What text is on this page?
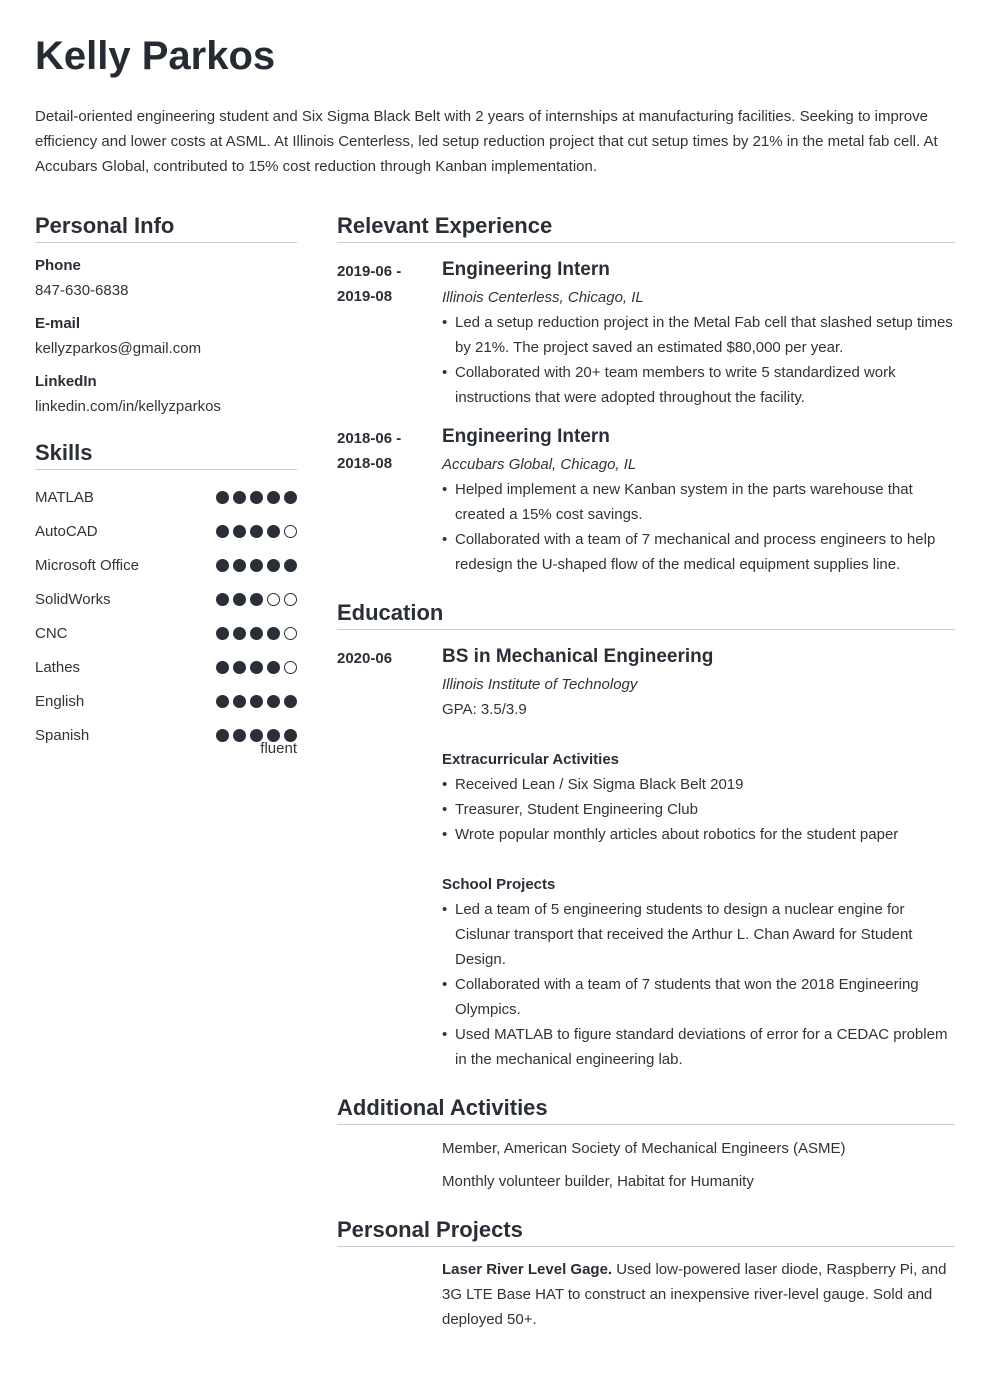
Kelly Parkos

Detail-oriented engineering student and Six Sigma Black Belt with 2 years of internships at manufacturing facilities. Seeking to improve efficiency and lower costs at ASML. At Illinois Centerless, led setup reduction project that cut setup times by 21% in the metal fab cell. At Accubars Global, contributed to 15% cost reduction through Kanban implementation.

Personal Info
Phone
847-630-6838
E-mail
kellyzparkos@gmail.com
LinkedIn
linkedin.com/in/kellyzparkos
Skills
MATLAB
AutoCAD
Microsoft Office
SolidWorks
CNC
Lathes
English
Spanish
fluent
Relevant Experience
2019-06 -
2019-08
Engineering Intern
Illinois Centerless, Chicago, IL
• Led a setup reduction project in the Metal Fab cell that slashed setup times by 21%. The project saved an estimated $80,000 per year.
• Collaborated with 20+ team members to write 5 standardized work instructions that were adopted throughout the facility.
2018-06 -
2018-08
Engineering Intern
Accubars Global, Chicago, IL
• Helped implement a new Kanban system in the parts warehouse that created a 15% cost savings.
• Collaborated with a team of 7 mechanical and process engineers to help redesign the U-shaped flow of the medical equipment supplies line.
Education
2020-06	BS in Mechanical Engineering
Illinois Institute of Technology
GPA: 3.5/3.9
Extracurricular Activities
• Received Lean / Six Sigma Black Belt 2019
• Treasurer, Student Engineering Club
• Wrote popular monthly articles about robotics for the student paper
School Projects
• Led a team of 5 engineering students to design a nuclear engine for Cislunar transport that received the Arthur L. Chan Award for Student Design.
• Collaborated with a team of 7 students that won the 2018 Engineering Olympics.
• Used MATLAB to figure standard deviations of error for a CEDAC problem in the mechanical engineering lab.
Additional Activities
Member, American Society of Mechanical Engineers (ASME)
Monthly volunteer builder, Habitat for Humanity
Personal Projects
Laser River Level Gage. Used low-powered laser diode, Raspberry Pi, and 3G LTE Base HAT to construct an inexpensive river-level gauge. Sold and deployed 50+.
